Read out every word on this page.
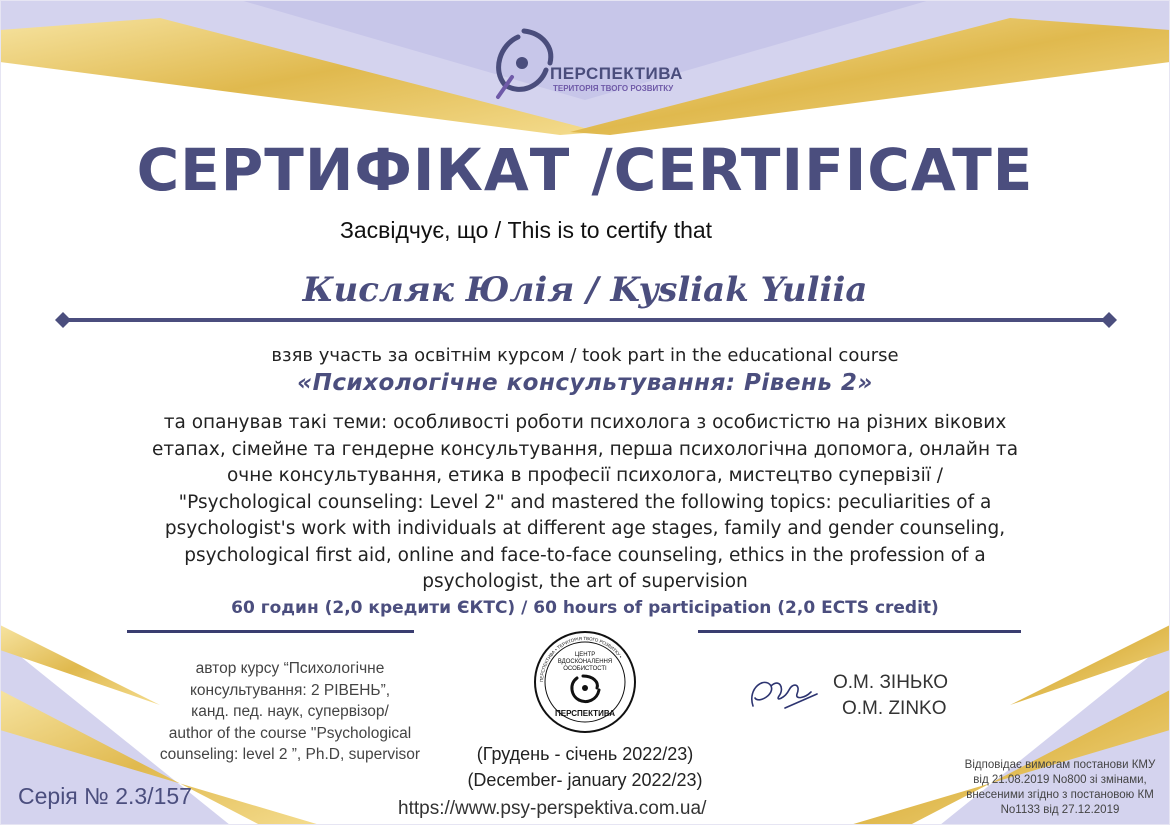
ПЕРСПЕКТИВА
ТЕРИТОРІЯ ТВОГО РОЗВИТКУ
СЕРТИФІКАТ /CERTIFICATE
Засвідчує, що / This is to certify that
Кисляк Юлія / Kysliak Yuliia
взяв участь за освітнім курсом / took part in the educational course
«Психологічне консультування: Рівень 2»
та опанував такі теми: особливості роботи психолога з особистістю на різних вікових
етапах, сімейне та гендерне консультування, перша психологічна допомога, онлайн та
очне консультування, етика в професії психолога, мистецтво супервізії /
"Psychological counseling: Level 2" and mastered the following topics: peculiarities of a
psychologist's work with individuals at different age stages, family and gender counseling,
psychological first aid, online and face-to-face counseling, ethics in the profession of a
psychologist, the art of supervision
60 годин (2,0 кредити ЄКТС) / 60 hours of participation (2,0 ECTS credit)
автор курсу “Психологічне
консультування: 2 РІВЕНЬ”,
канд. пед. наук, супервізор/
author of the course "Psychological
counseling: level 2 ”, Ph.D, supervisor
ЦЕНТР
ВДОСКОНАЛЕННЯ
ОСОБИСТОСТІ
ПЕРСПЕКТИВА
ПЕРСПЕКТИВА • ТЕРИТОРІЯ ТВОГО РОЗВИТКУ •
О.М. ЗІНЬКО
O.M. ZINKO
(Грудень - січень 2022/23)
(December- january 2022/23)
https://www.psy-perspektiva.com.ua/
Серія № 2.3/157
Відповідає вимогам постанови КМУ
від 21.08.2019 No800 зі змінами,
внесеними згідно з постановою КМ
No1133 від 27.12.2019
